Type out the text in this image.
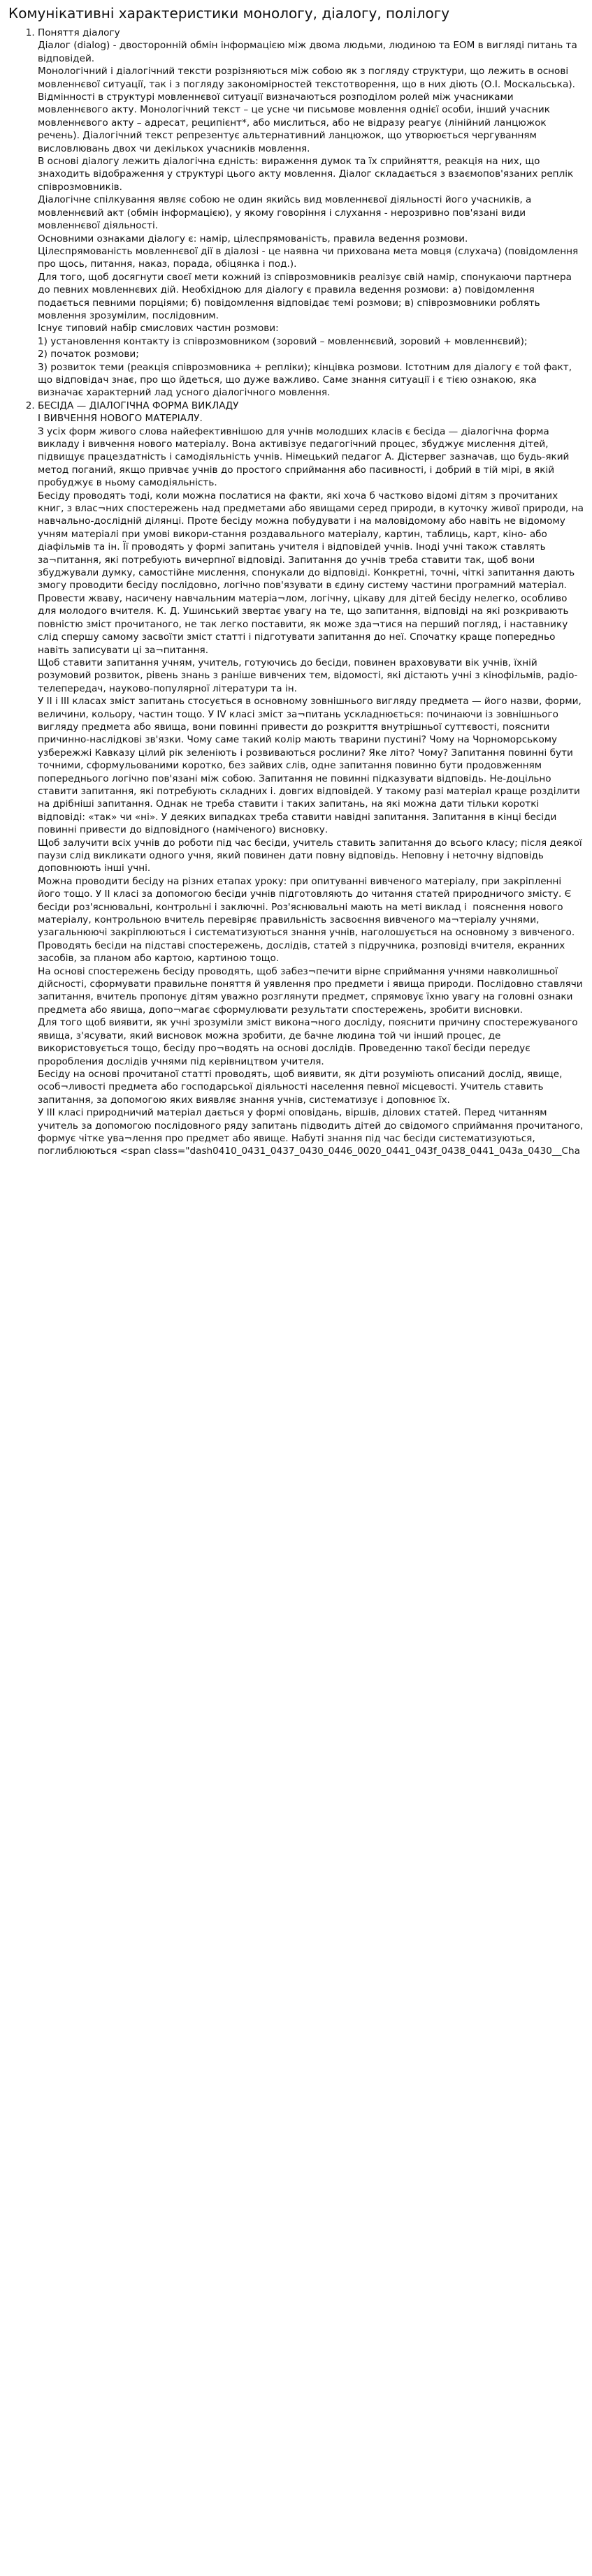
Комунікативні характеристики монологу, діалогу, полілогу
1. Поняття діалогу
Діалог (dialog) - двосторонній обмін інформацією між двома людьми, людиною та ЕОМ в вигляді питань та відповідей.
Монологічний і діалогічний тексти розрізняються між собою як з погляду структури, що лежить в основі мовленнєвої ситуації, так і з погляду закономірностей текстотворення, що в них діють (О.І. Москальська). Відмінності в структурі мовленнєвої ситуації визначаються розподілом ролей між учасниками мовленнєвого акту. Монологічний текст – це усне чи письмове мовлення однієї особи, інший учасник мовленнєвого акту – адресат, реципієнт*, або мислиться, або не відразу реагує (лінійний ланцюжок речень). Діалогічний текст репрезентує альтернативний ланцюжок, що утворюється чергуванням висловлювань двох чи декількох учасників мовлення.
В основі діалогу лежить діалогічна єдність: вираження думок та їх сприйняття, реакція на них, що знаходить відображення у структурі цього акту мовлення. Діалог складається з взаємопов'язаних реплік співрозмовників.
Діалогічне спілкування являє собою не один якийсь вид мовленнєвої діяльності його учасників, а мовленнєвий акт (обмін інформацією), у якому говоріння і слухання - нерозривно пов'язані види мовленнєвої діяльності.
Основними ознаками діалогу є: намір, цілеспрямованість, правила ведення розмови.
Цілеспрямованість мовленнєвої дії в діалозі - це наявна чи прихована мета мовця (слухача) (повідомлення про щось, питання, наказ, порада, обіцянка і под.).
Для того, щоб досягнути своєї мети кожний із співрозмовників реалізує свій намір, спонукаючи партнера до певних мовленнєвих дій. Необхідною для діалогу є правила ведення розмови: а) повідомлення подається певними порціями; б) повідомлення відповідає темі розмови; в) співрозмовники роблять мовлення зрозумілим, послідовним.
Існує типовий набір смислових частин розмови:
1) установлення контакту із співрозмовником (зоровий – мовленнєвий, зоровий + мовленнєвий);
2) початок розмови;
3) розвиток теми (реакція співрозмовника + репліки); кінцівка розмови. Істотним для діалогу є той факт, що відповідач знає, про що йдеться, що дуже важливо. Саме знання ситуації і є тією ознакою, яка визначає характерний лад усного діалогічного мовлення.
2. БЕСІДА — ДІАЛОГІЧНА ФОРМА ВИКЛАДУ
І ВИВЧЕННЯ НОВОГО МАТЕРІАЛУ.
З усіх форм живого слова найефективнішою для учнів молодших класів є бесіда — діалогічна форма викладу і вивчення нового матеріалу. Вона активізує педагогічний процес, збуджує мислення дітей, підвищує працездатність і самодіяльність учнів. Німецький педагог А. Дістервег зазначав, що будь-який метод поганий, якщо привчає учнів до простого сприймання або пасивності, і добрий в тій мірі, в якій пробуджує в ньому самодіяльність.
Бесіду проводять тоді, коли можна послатися на факти, які хоча б частково відомі дітям з прочитаних книг, з влас¬них спостережень над предметами або явищами серед природи, в куточку живої природи, на навчально-дослідній ділянці. Проте бесіду можна побудувати і на маловідомому або навіть не відомому учням матеріалі при умові викори-стання роздавального матеріалу, картин, таблиць, карт, кіно- або діафільмів та ін. Її проводять у формі запитань учителя і відповідей учнів. Іноді учні також ставлять за¬питання, які потребують вичерпної відповіді. Запитання до учнів треба ставити так, щоб вони збуджували думку, самостійне мислення, спонукали до відповіді. Конкретні, точні, чіткі запитання дають змогу проводити бесіду послідовно, логічно пов'язувати в єдину систему частини програмний матеріал. Провести жваву, насичену навчальним матеріа¬лом, логічну, цікаву для дітей бесіду нелегко, особливо для молодого вчителя. К. Д. Ушинський звертає увагу на те, що запитання, відповіді на які розкривають повністю зміст прочитаного, не так легко поставити, як може зда¬тися на перший погляд, і наставнику слід спершу самому засвоїти зміст статті і підготувати запитання до неї. Спочатку краще попередньо навіть записувати ці за¬питання.
Щоб ставити запитання учням, учитель, готуючись до бесіди, повинен враховувати вік учнів, їхній розумовий розвиток, рівень знань з раніше вивчених тем, відомості, які дістають учні з кінофільмів, радіо-телепередач, науково-популярної літератури та ін.
У ІІ і ІІІ класах зміст запитань стосується в основному зовнішнього вигляду предмета — його назви, форми, величини, кольору, частин тощо. У ІV класі зміст за¬питань ускладнюється: починаючи із зовнішнього вигляду предмета або явища, вони повинні привести до розкриття внутрішньої суттєвості, пояснити причинно-наслідкові зв'язки. Чому саме такий колір мають тварини пустині? Чому на Чорноморському узбережжі Кавказу цілий рік зеленіють і розвиваються рослини? Яке літо? Чому? Запитання повинні бути точними, сформульованими коротко, без зайвих слів, одне запитання повинно бути продовженням попереднього логічно пов'язані між собою. Запитання не повинні підказувати відповідь. Не-доцільно ставити запитання, які потребують складних і. довгих відповідей. У такому разі матеріал краще розділити на дрібніші запитання. Однак не треба ставити і таких запитань, на які можна дати тільки короткі відповіді: «так» чи «ні». У деяких випадках треба ставити навідні запитання. Запитання в кінці бесіди повинні привести до відповідного (наміченого) висновку.
Щоб залучити всіх учнів до роботи під час бесіди, учитель ставить запитання до всього класу; після деякої паузи слід викликати одного учня, який повинен дати повну відповідь. Неповну і неточну відповідь доповнюють інші учні.
Можна проводити бесіду на різних етапах уроку: при опитуванні вивченого матеріалу, при закріпленні його тощо. У ІІ класі за допомогою бесіди учнів підготовляють до читання статей природничого змісту. Є бесіди роз'яснювальні, контрольні і заключні. Роз'яснювальні мають на меті виклад і  пояснення нового матеріалу, контрольною вчитель перевіряє правильність засвоєння вивченого ма¬теріалу учнями, узагальнюючі закріплюються і систематизуються знання учнів, наголошується на основному з вивченого.
Проводять бесіди на підставі спостережень, дослідів, статей з підручника, розповіді вчителя, екранних засобів, за планом або картою, картиною тощо.
На основі спостережень бесіду проводять, щоб забез¬печити вірне сприймання учнями навколишньої дійсності, сформувати правильне поняття й уявлення про предмети і явища природи. Послідовно ставлячи запитання, вчитель пропонує дітям уважно розглянути предмет, спрямовує їхню увагу на головні ознаки предмета або явища, допо¬магає сформулювати результати спостережень, зробити висновки.
Для того щоб виявити, як учні зрозуміли зміст викона¬ного досліду, пояснити причину спостережуваного явища, з'ясувати, який висновок можна зробити, де бачне людина той чи інший процес, де використовується тощо, бесіду про¬водять на основі дослідів. Проведенню такої бесіди передує проробления дослідів учнями під керівництвом учителя.
Бесіду на основі прочитаної статті проводять, щоб виявити, як діти розуміють описаний дослід, явище, особ¬ливості предмета або господарської діяльності населення певної місцевості. Учитель ставить запитання, за допомогою яких виявляє знання учнів, систематизує і доповнює їх.
У ІІІ класі природничий матеріал дається у формі оповідань, віршів, ділових статей. Перед читанням учитель за допомогою послідовного ряду запитань підводить дітей до свідомого сприймання прочитаного, формує чітке ува¬лення про предмет або явище. Набуті знання під час бесіди систематизуються, поглиблюються <span class="dash0410_0431_0437_0430_0446_0020_0441_043f_0438_0441_043a_0430__Cha
